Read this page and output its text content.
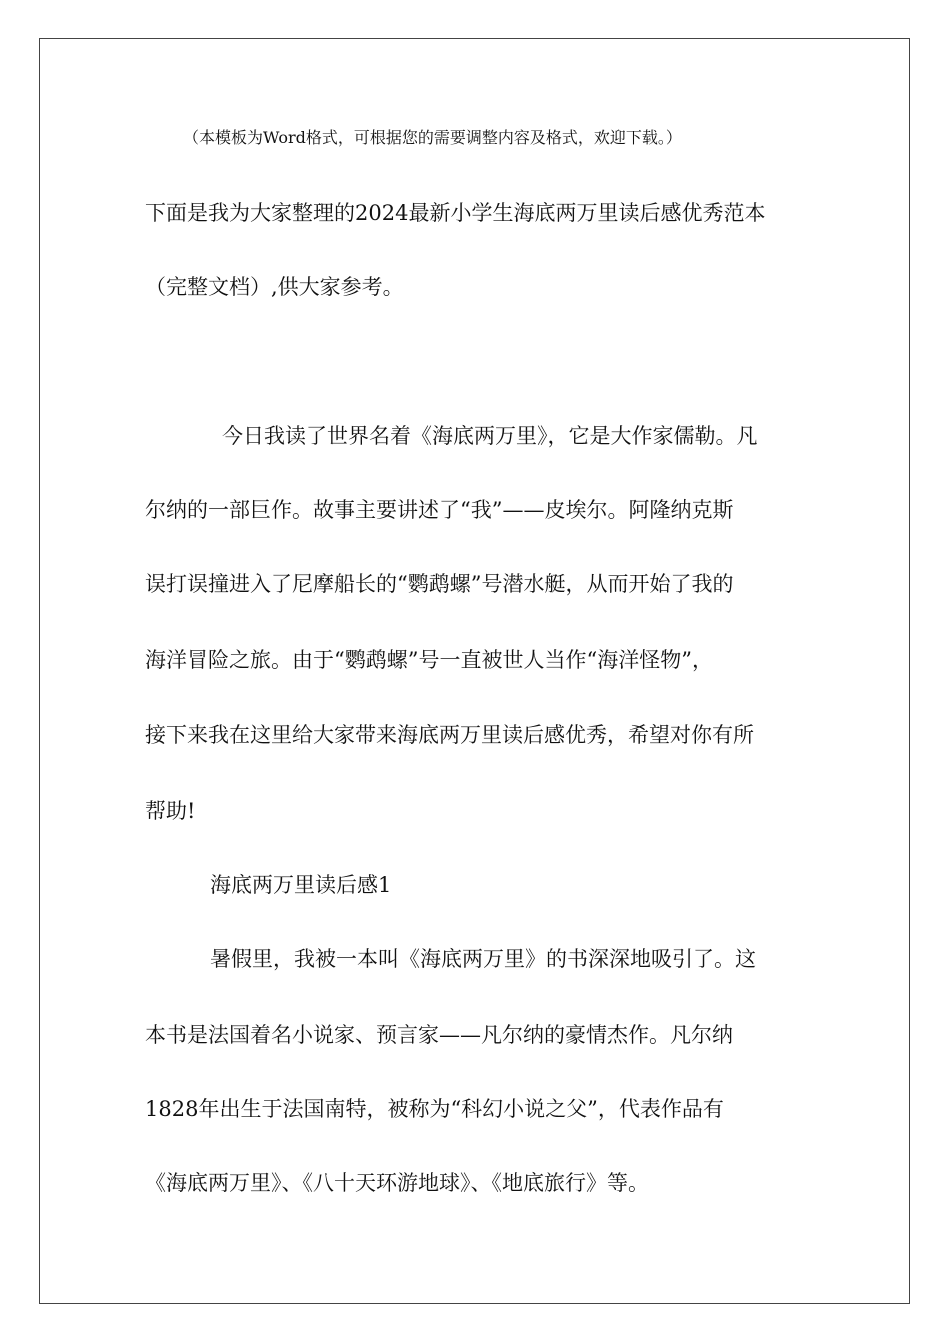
（本模板为Word格式，可根据您的需要调整内容及格式，欢迎下载。）
下面是我为大家整理的2024最新小学生海底两万里读后感优秀范本
（完整文档）,供大家参考。
今日我读了世界名着《海底两万里》，它是大作家儒勒。凡
尔纳的一部巨作。故事主要讲述了“我”——皮埃尔。阿隆纳克斯
误打误撞进入了尼摩船长的“鹦鹉螺”号潜水艇，从而开始了我的
海洋冒险之旅。由于“鹦鹉螺”号一直被世人当作“海洋怪物”，
接下来我在这里给大家带来海底两万里读后感优秀，希望对你有所
帮助!
海底两万里读后感1
暑假里，我被一本叫《海底两万里》的书深深地吸引了。这
本书是法国着名小说家、预言家——凡尔纳的豪情杰作。凡尔纳
1828年出生于法国南特，被称为“科幻小说之父”，代表作品有
《海底两万里》、《八十天环游地球》、《地底旅行》等。
